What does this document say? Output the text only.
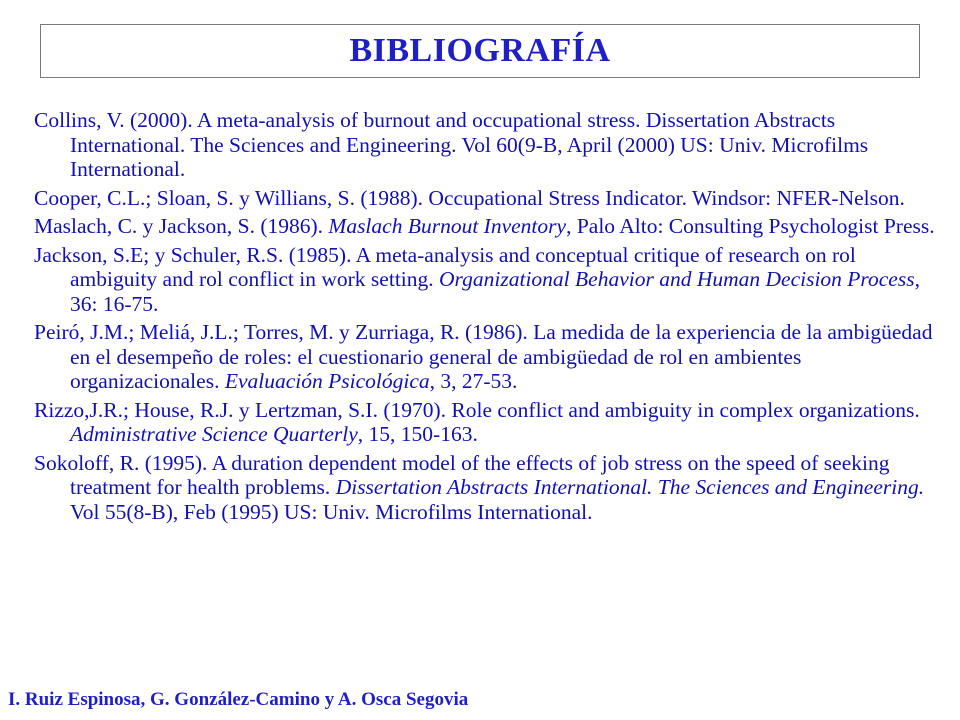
BIBLIOGRAFÍA

Collins, V. (2000). A meta-analysis of burnout and occupational stress. Dissertation Abstracts International. The Sciences and Engineering. Vol 60(9-B, April (2000) US: Univ. Microfilms International.

Cooper, C.L.; Sloan, S. y Willians, S. (1988). Occupational Stress Indicator. Windsor: NFER-Nelson.

Maslach, C. y Jackson, S. (1986). Maslach Burnout Inventory, Palo Alto: Consulting Psychologist Press.

Jackson, S.E; y Schuler, R.S. (1985). A meta-analysis and conceptual critique of research on rol ambiguity and rol conflict in work setting. Organizational Behavior and Human Decision Process, 36: 16-75.

Peiró, J.M.; Meliá, J.L.; Torres, M. y Zurriaga, R. (1986). La medida de la experiencia de la ambigüedad en el desempeño de roles: el cuestionario general de ambigüedad de rol en ambientes organizacionales. Evaluación Psicológica, 3, 27-53.

Rizzo,J.R.; House, R.J. y Lertzman, S.I. (1970). Role conflict and ambiguity in complex organizations. Administrative Science Quarterly, 15, 150-163.

Sokoloff, R. (1995). A duration dependent model of the effects of job stress on the speed of seeking treatment for health problems. Dissertation Abstracts International. The Sciences and Engineering. Vol 55(8-B), Feb (1995) US: Univ. Microfilms International.

I. Ruiz Espinosa, G. González-Camino y A. Osca Segovia
